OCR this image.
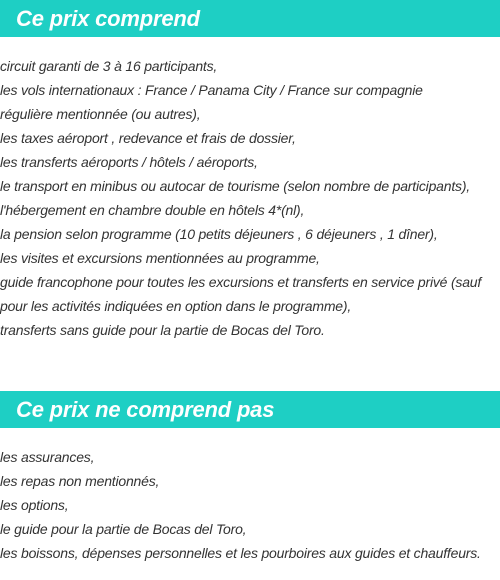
Ce prix comprend
circuit garanti de 3 à 16 participants,
les vols internationaux : France / Panama City / France sur compagnie
régulière mentionnée (ou autres),
les taxes aéroport , redevance et frais de dossier,
les transferts aéroports / hôtels / aéroports,
le transport en minibus ou autocar de tourisme (selon nombre de participants),
l'hébergement en chambre double en hôtels 4*(nl),
la pension selon programme (10 petits déjeuners , 6 déjeuners , 1 dîner),
les visites et excursions mentionnées au programme,
guide francophone pour toutes les excursions et transferts en service privé (sauf
pour les activités indiquées en option dans le programme),
transferts sans guide pour la partie de Bocas del Toro.
Ce prix ne comprend pas
les assurances,
les repas non mentionnés,
les options,
le guide pour la partie de Bocas del Toro,
les boissons, dépenses personnelles et les pourboires aux guides et chauffeurs.
